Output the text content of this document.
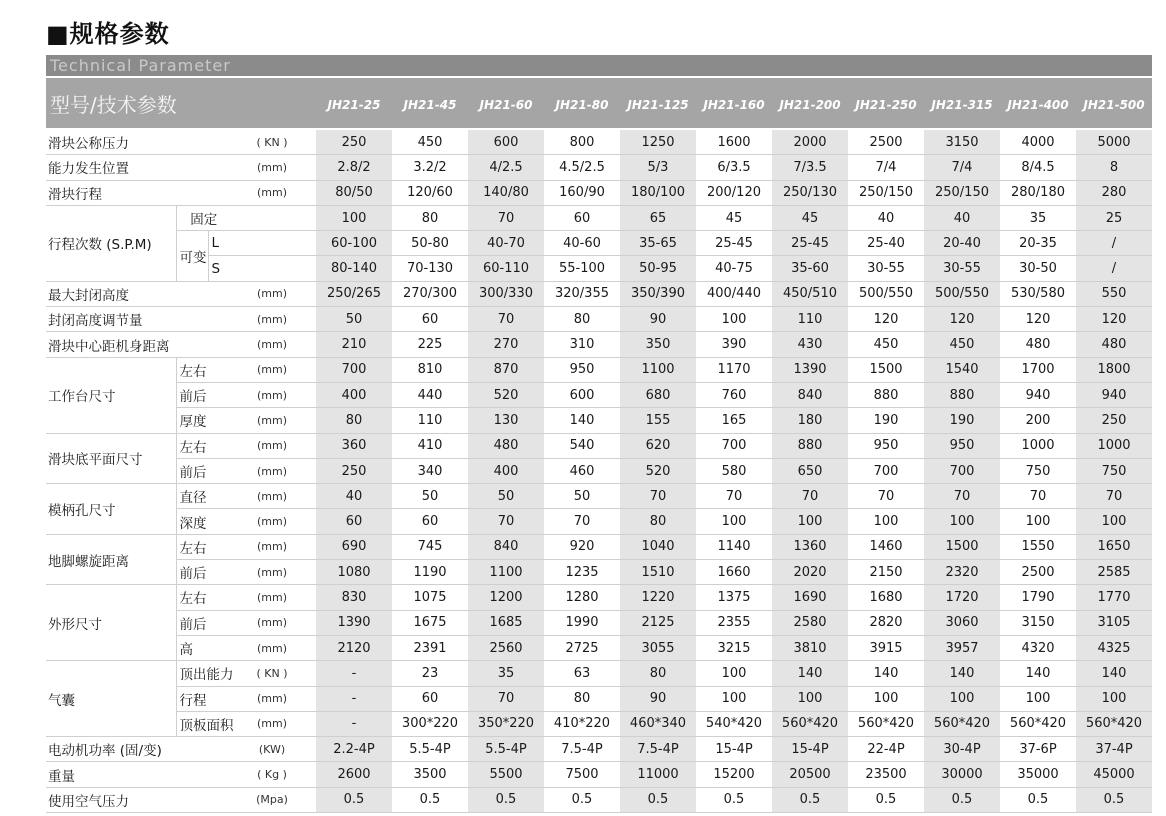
■规格参数
Technical Parameter
型号/技术参数				JH21-25	JH21-45	JH21-60	JH21-80	JH21-125	JH21-160	JH21-200	JH21-250	JH21-315	JH21-400	JH21-500
滑块公称压力			( KN )	250	450	600	800	1250	1600	2000	2500	3150	4000	5000
能力发生位置			(mm)	2.8/2	3.2/2	4/2.5	4.5/2.5	5/3	6/3.5	7/3.5	7/4	7/4	8/4.5	8
滑块行程			(mm)	80/50	120/60	140/80	160/90	180/100	200/120	250/130	250/150	250/150	280/180	280
行程次数 (S.P.M)	固定			100	80	70	60	65	45	45	40	40	35	25
	可变	L		60-100	50-80	40-70	40-60	35-65	25-45	25-45	25-40	20-40	20-35	/
		S		80-140	70-130	60-110	55-100	50-95	40-75	35-60	30-55	30-55	30-50	/
最大封闭高度			(mm)	250/265	270/300	300/330	320/355	350/390	400/440	450/510	500/550	500/550	530/580	550
封闭高度调节量			(mm)	50	60	70	80	90	100	110	120	120	120	120
滑块中心距机身距离			(mm)	210	225	270	310	350	390	430	450	450	480	480
工作台尺寸	左右		(mm)	700	810	870	950	1100	1170	1390	1500	1540	1700	1800
	前后		(mm)	400	440	520	600	680	760	840	880	880	940	940
	厚度		(mm)	80	110	130	140	155	165	180	190	190	200	250
滑块底平面尺寸	左右		(mm)	360	410	480	540	620	700	880	950	950	1000	1000
	前后		(mm)	250	340	400	460	520	580	650	700	700	750	750
模柄孔尺寸	直径		(mm)	40	50	50	50	70	70	70	70	70	70	70
	深度		(mm)	60	60	70	70	80	100	100	100	100	100	100
地脚螺旋距离	左右		(mm)	690	745	840	920	1040	1140	1360	1460	1500	1550	1650
	前后		(mm)	1080	1190	1100	1235	1510	1660	2020	2150	2320	2500	2585
外形尺寸	左右		(mm)	830	1075	1200	1280	1220	1375	1690	1680	1720	1790	1770
	前后		(mm)	1390	1675	1685	1990	2125	2355	2580	2820	3060	3150	3105
	高		(mm)	2120	2391	2560	2725	3055	3215	3810	3915	3957	4320	4325
气囊	顶出能力		( KN )	-	23	35	63	80	100	140	140	140	140	140
	行程		(mm)	-	60	70	80	90	100	100	100	100	100	100
	顶板面积		(mm)	-	300*220	350*220	410*220	460*340	540*420	560*420	560*420	560*420	560*420	560*420
电动机功率 (固/变)			(KW)	2.2-4P	5.5-4P	5.5-4P	7.5-4P	7.5-4P	15-4P	15-4P	22-4P	30-4P	37-6P	37-4P
重量			( Kg )	2600	3500	5500	7500	11000	15200	20500	23500	30000	35000	45000
使用空气压力			(Mpa)	0.5	0.5	0.5	0.5	0.5	0.5	0.5	0.5	0.5	0.5	0.5
